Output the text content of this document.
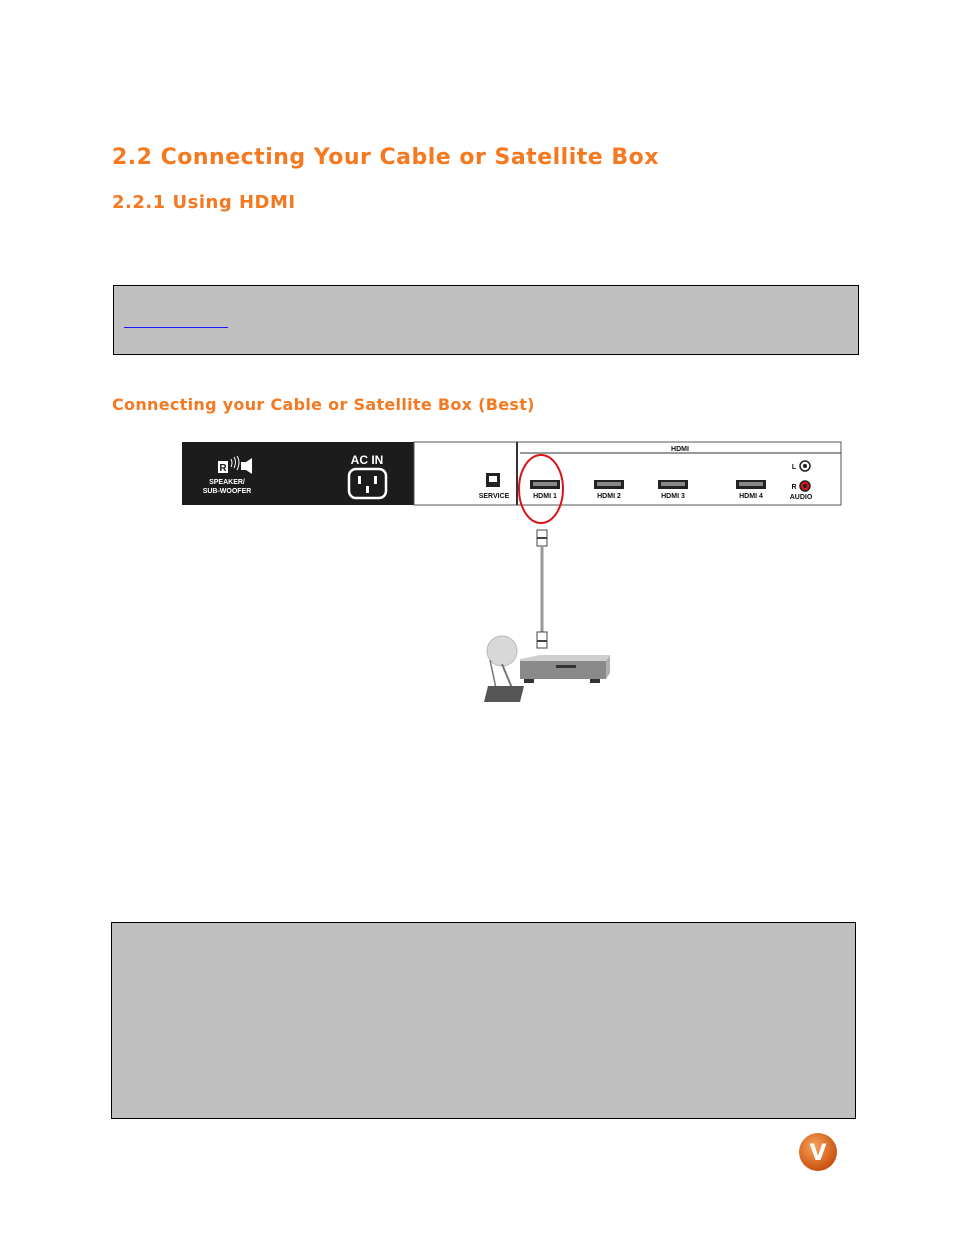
2.2 Connecting Your Cable or Satellite Box
2.2.1 Using HDMI
Connecting your Cable or Satellite Box (Best)
R
SPEAKER/
SUB-WOOFER
AC IN
SERVICE
HDMI
HDMI 1	HDMI 2	HDMI 3	HDMI 4
L
R
AUDIO
V
